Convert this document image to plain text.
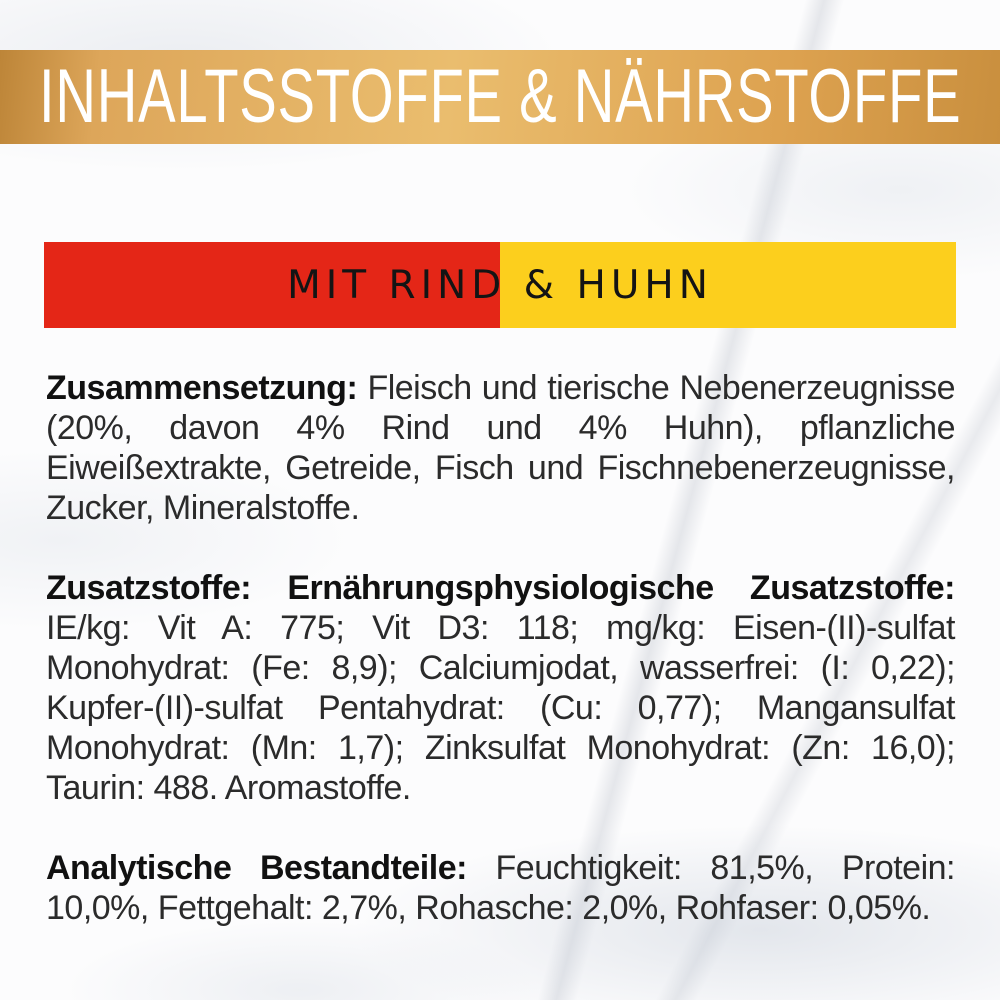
INHALTSSTOFFE & NÄHRSTOFFE
MIT RIND & HUHN

Zusammensetzung: Fleisch und tierische Nebenerzeugnisse (20%, davon 4% Rind und 4% Huhn), pflanzliche Eiweißextrakte, Getreide, Fisch und Fischnebenerzeugnisse, Zucker, Mineralstoffe.

Zusatzstoffe: Ernährungsphysiologische Zusatzstoffe: IE/kg: Vit A: 775; Vit D3: 118; mg/kg: Eisen-(II)-sulfat Monohydrat: (Fe: 8,9); Calciumjodat, wasserfrei: (I: 0,22); Kupfer-(II)-sulfat Pentahydrat: (Cu: 0,77); Mangansulfat Monohydrat: (Mn: 1,7); Zinksulfat Monohydrat: (Zn: 16,0); Taurin: 488. Aromastoffe.

Analytische Bestandteile: Feuchtigkeit: 81,5%, Protein: 10,0%, Fettgehalt: 2,7%, Rohasche: 2,0%, Rohfaser: 0,05%.
